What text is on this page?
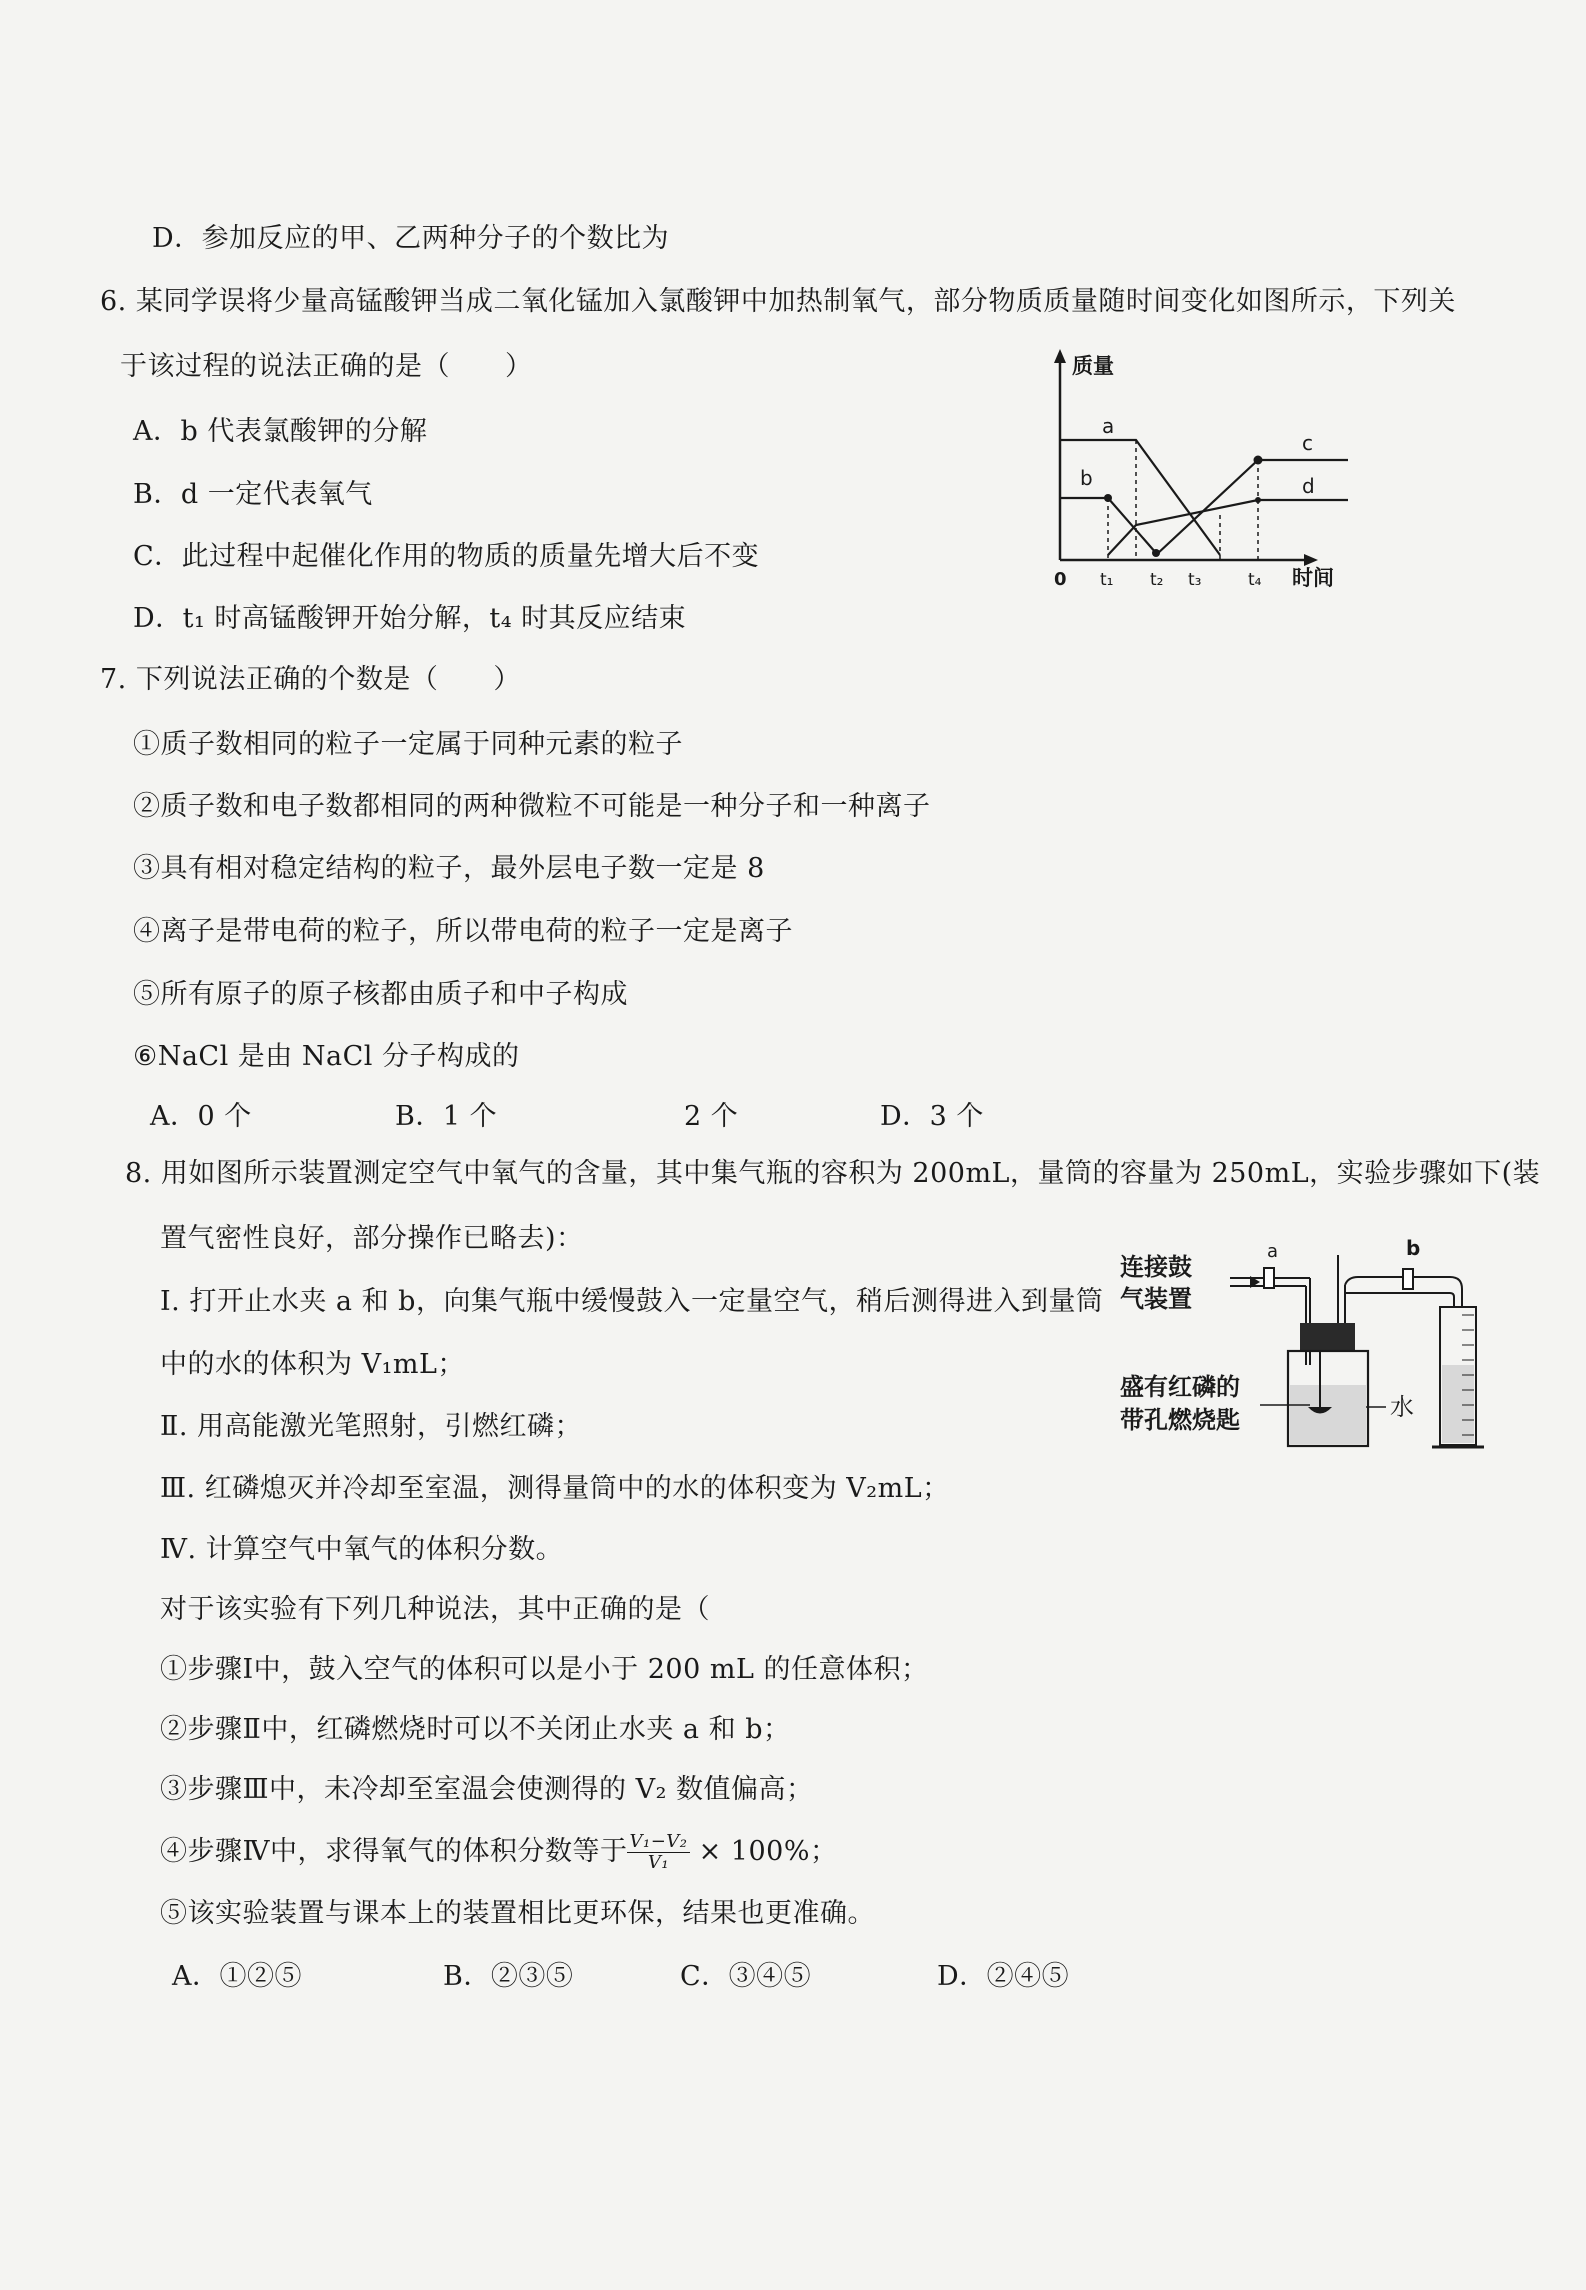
D．参加反应的甲、乙两种分子的个数比为
6. 某同学误将少量高锰酸钾当成二氧化锰加入氯酸钾中加热制氧气，部分物质质量随时间变化如图所示，下列关
于该过程的说法正确的是（　　）
A．b 代表氯酸钾的分解
B．d 一定代表氧气
C．此过程中起催化作用的物质的质量先增大后不变
D．t₁ 时高锰酸钾开始分解，t₄ 时其反应结束
质量
a
b
c
d
0 t₁ t₂ t₃	t₄ 时间
7. 下列说法正确的个数是（　　）
①质子数相同的粒子一定属于同种元素的粒子
②质子数和电子数都相同的两种微粒不可能是一种分子和一种离子
③具有相对稳定结构的粒子，最外层电子数一定是 8
④离子是带电荷的粒子，所以带电荷的粒子一定是离子
⑤所有原子的原子核都由质子和中子构成
⑥NaCl 是由 NaCl 分子构成的
A．0 个	B．1 个	2 个	D．3 个
8. 用如图所示装置测定空气中氧气的含量，其中集气瓶的容积为 200mL，量筒的容量为 250mL，实验步骤如下(装
置气密性良好，部分操作已略去)：
Ⅰ. 打开止水夹 a 和 b，向集气瓶中缓慢鼓入一定量空气，稍后测得进入到量筒
中的水的体积为 V₁mL；
Ⅱ. 用高能激光笔照射，引燃红磷；
Ⅲ. 红磷熄灭并冷却至室温，测得量筒中的水的体积变为 V₂mL；
Ⅳ. 计算空气中氧气的体积分数。
对于该实验有下列几种说法，其中正确的是（
①步骤Ⅰ中，鼓入空气的体积可以是小于 200 mL 的任意体积；
②步骤Ⅱ中，红磷燃烧时可以不关闭止水夹 a 和 b；
③步骤Ⅲ中，未冷却至室温会使测得的 V₂ 数值偏高；
④步骤Ⅳ中，求得氧气的体积分数等于 $\frac{\text{V₁−V₂}}{\text{V₁}} \times 100\%$；
⑤该实验装置与课本上的装置相比更环保，结果也更准确。
A．①②⑤	B．②③⑤	C．③④⑤	D．②④⑤
连接鼓
气装置
盛有红磷的
带孔燃烧匙	水
a	b
